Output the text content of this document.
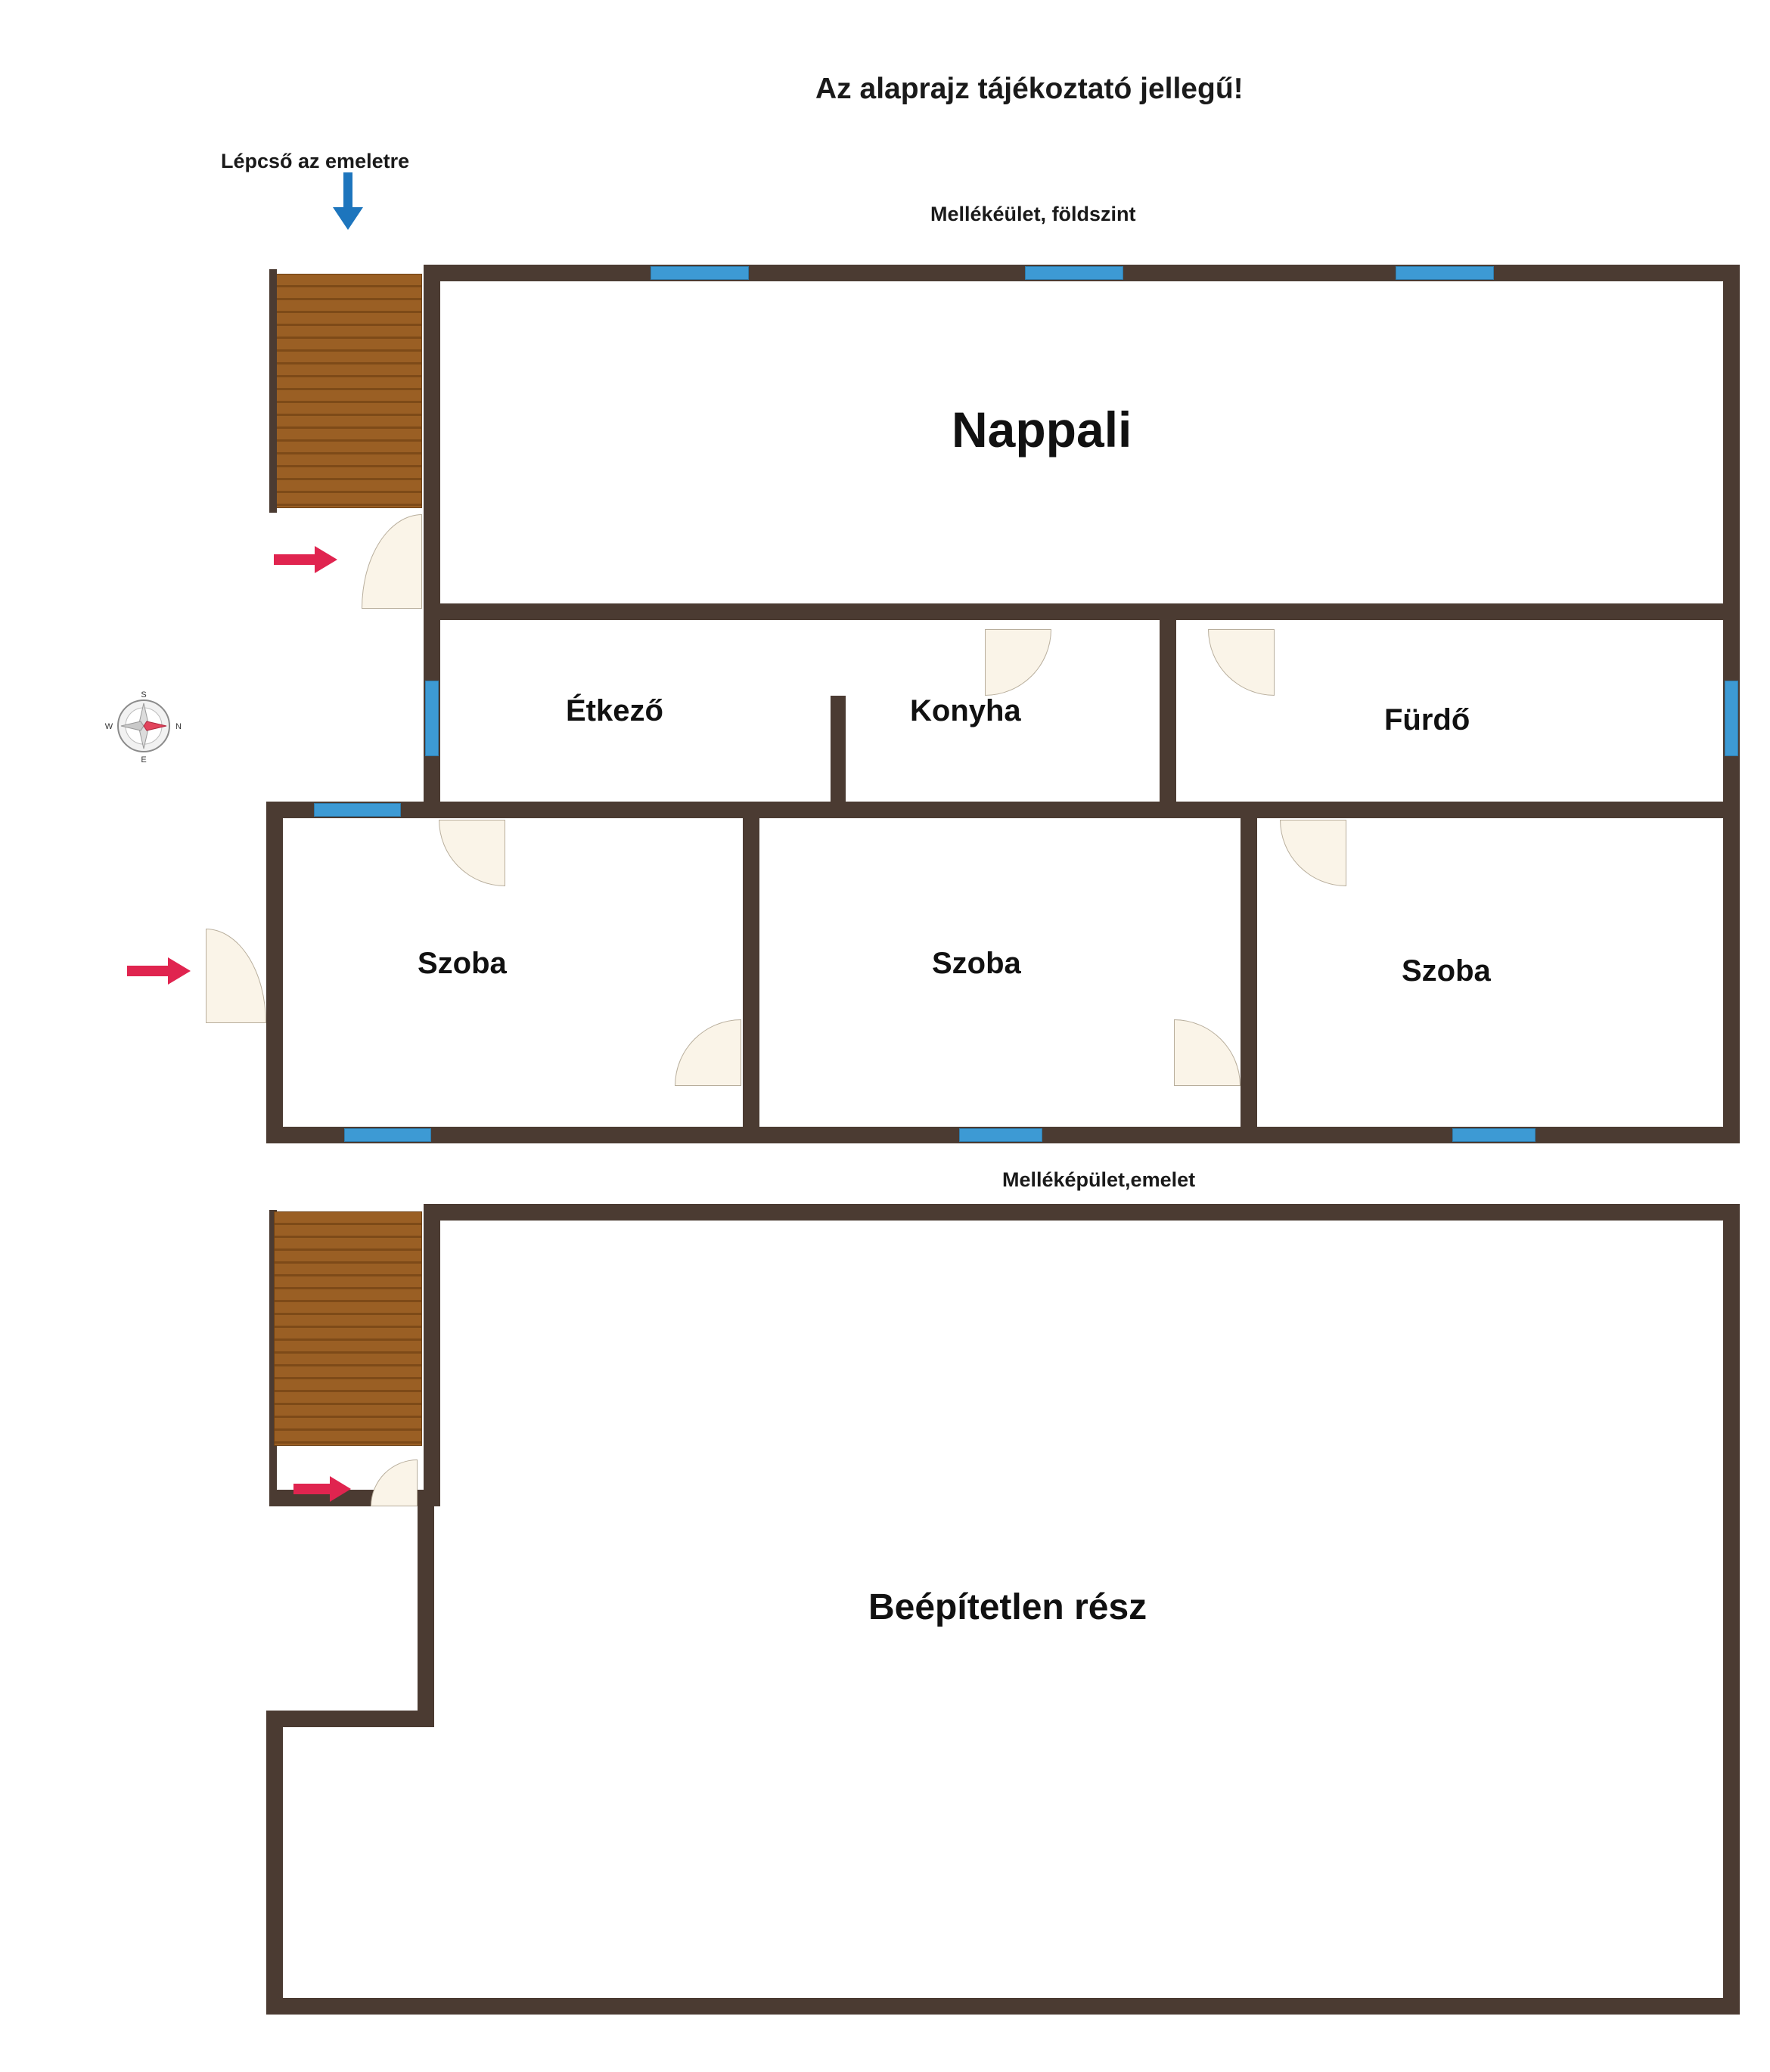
Az alaprajz tájékoztató jellegű!
Lépcső az emeletre
Mellékéület, földszint
Melléképület,emelet
S
E
W	N
Nappali
Étkező	Konyha	Fürdő
Szoba	Szoba	Szoba
Beépítetlen rész
